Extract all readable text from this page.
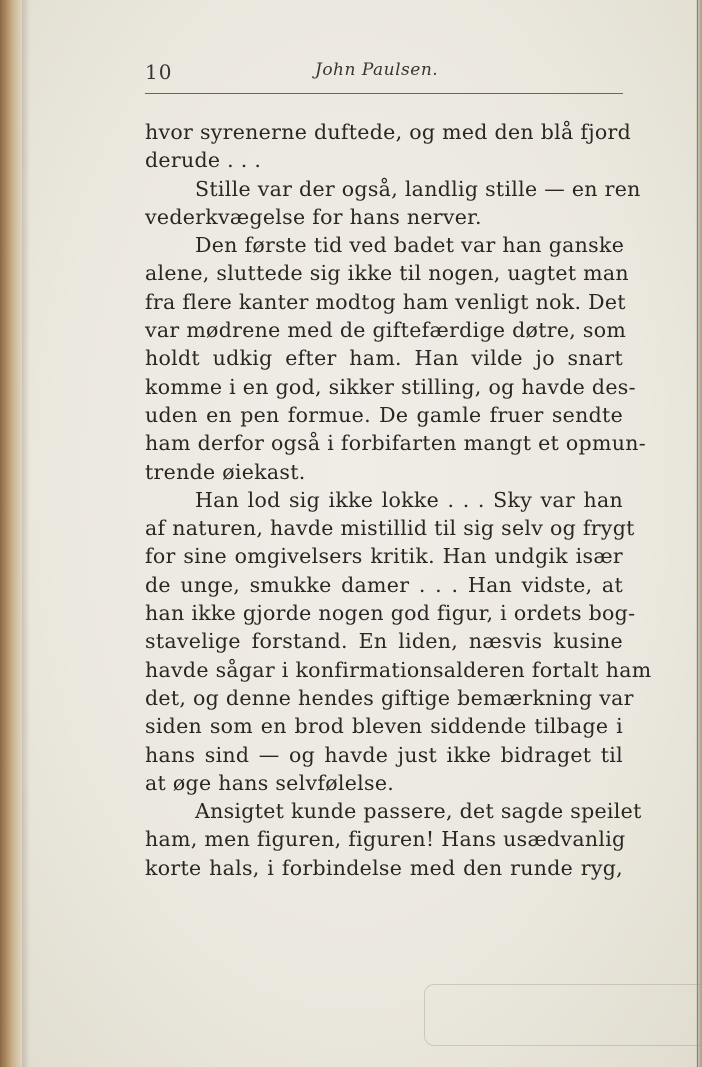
10	John Paulsen.
hvor syrenerne duftede, og med den blå fjord
derude . . .
Stille var der også, landlig stille — en ren
vederkvægelse for hans nerver.
Den første tid ved badet var han ganske
alene, sluttede sig ikke til nogen, uagtet man
fra flere kanter modtog ham venligt nok. Det
var mødrene med de giftefærdige døtre, som
holdt udkig efter ham. Han vilde jo snart
komme i en god, sikker stilling, og havde des-
uden en pen formue. De gamle fruer sendte
ham derfor også i forbifarten mangt et opmun-
trende øiekast.
Han lod sig ikke lokke . . . Sky var han
af naturen, havde mistillid til sig selv og frygt
for sine omgivelsers kritik. Han undgik især
de unge, smukke damer . . . Han vidste, at
han ikke gjorde nogen god figur, i ordets bog-
stavelige forstand. En liden, næsvis kusine
havde sågar i konfirmationsalderen fortalt ham
det, og denne hendes giftige bemærkning var
siden som en brod bleven siddende tilbage i
hans sind — og havde just ikke bidraget til
at øge hans selvfølelse.
Ansigtet kunde passere, det sagde speilet
ham, men figuren, figuren! Hans usædvanlig
korte hals, i forbindelse med den runde ryg,
